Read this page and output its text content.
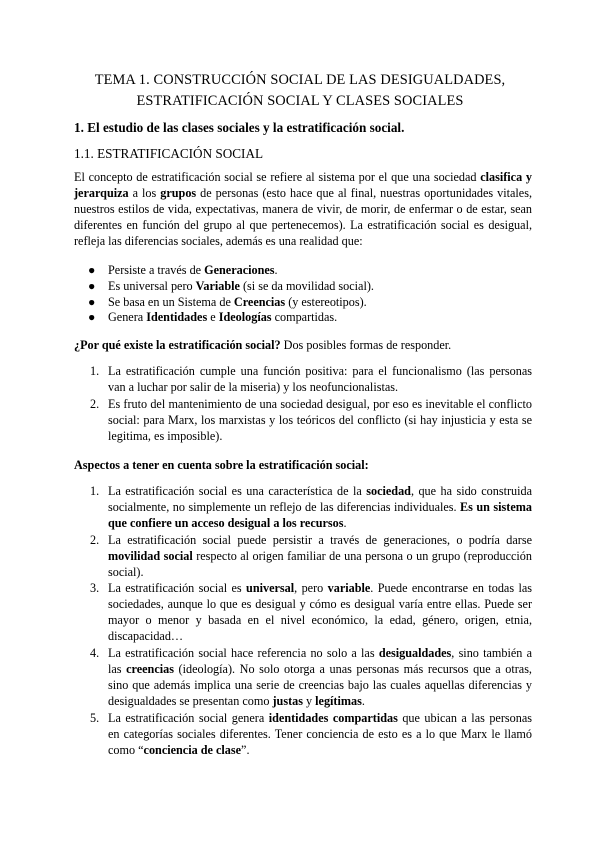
TEMA 1. CONSTRUCCIÓN SOCIAL DE LAS DESIGUALDADES,
ESTRATIFICACIÓN SOCIAL Y CLASES SOCIALES
1. El estudio de las clases sociales y la estratificación social.
1.1. ESTRATIFICACIÓN SOCIAL

El concepto de estratificación social se refiere al sistema por el que una sociedad clasifica y jerarquiza a los grupos de personas (esto hace que al final, nuestras oportunidades vitales, nuestros estilos de vida, expectativas, manera de vivir, de morir, de enfermar o de estar, sean diferentes en función del grupo al que pertenecemos). La estratificación social es desigual, refleja las diferencias sociales, además es una realidad que:

● Persiste a través de Generaciones.
● Es universal pero Variable (si se da movilidad social).
● Se basa en un Sistema de Creencias (y estereotipos).
● Genera Identidades e Ideologías compartidas.
¿Por qué existe la estratificación social? Dos posibles formas de responder.
1. La estratificación cumple una función positiva: para el funcionalismo (las personas van a luchar por salir de la miseria) y los neofuncionalistas.
2. Es fruto del mantenimiento de una sociedad desigual, por eso es inevitable el conflicto social: para Marx, los marxistas y los teóricos del conflicto (si hay injusticia y esta se legitima, es imposible).
Aspectos a tener en cuenta sobre la estratificación social:
1. La estratificación social es una característica de la sociedad, que ha sido construida socialmente, no simplemente un reflejo de las diferencias individuales. Es un sistema que confiere un acceso desigual a los recursos.
2. La estratificación social puede persistir a través de generaciones, o podría darse movilidad social respecto al origen familiar de una persona o un grupo (reproducción social).
3. La estratificación social es universal, pero variable. Puede encontrarse en todas las sociedades, aunque lo que es desigual y cómo es desigual varía entre ellas. Puede ser mayor o menor y basada en el nivel económico, la edad, género, origen, etnia, discapacidad…
4. La estratificación social hace referencia no solo a las desigualdades, sino también a las creencias (ideología). No solo otorga a unas personas más recursos que a otras, sino que además implica una serie de creencias bajo las cuales aquellas diferencias y desigualdades se presentan como justas y legítimas.
5. La estratificación social genera identidades compartidas que ubican a las personas en categorías sociales diferentes. Tener conciencia de esto es a lo que Marx le llamó como “conciencia de clase”.
